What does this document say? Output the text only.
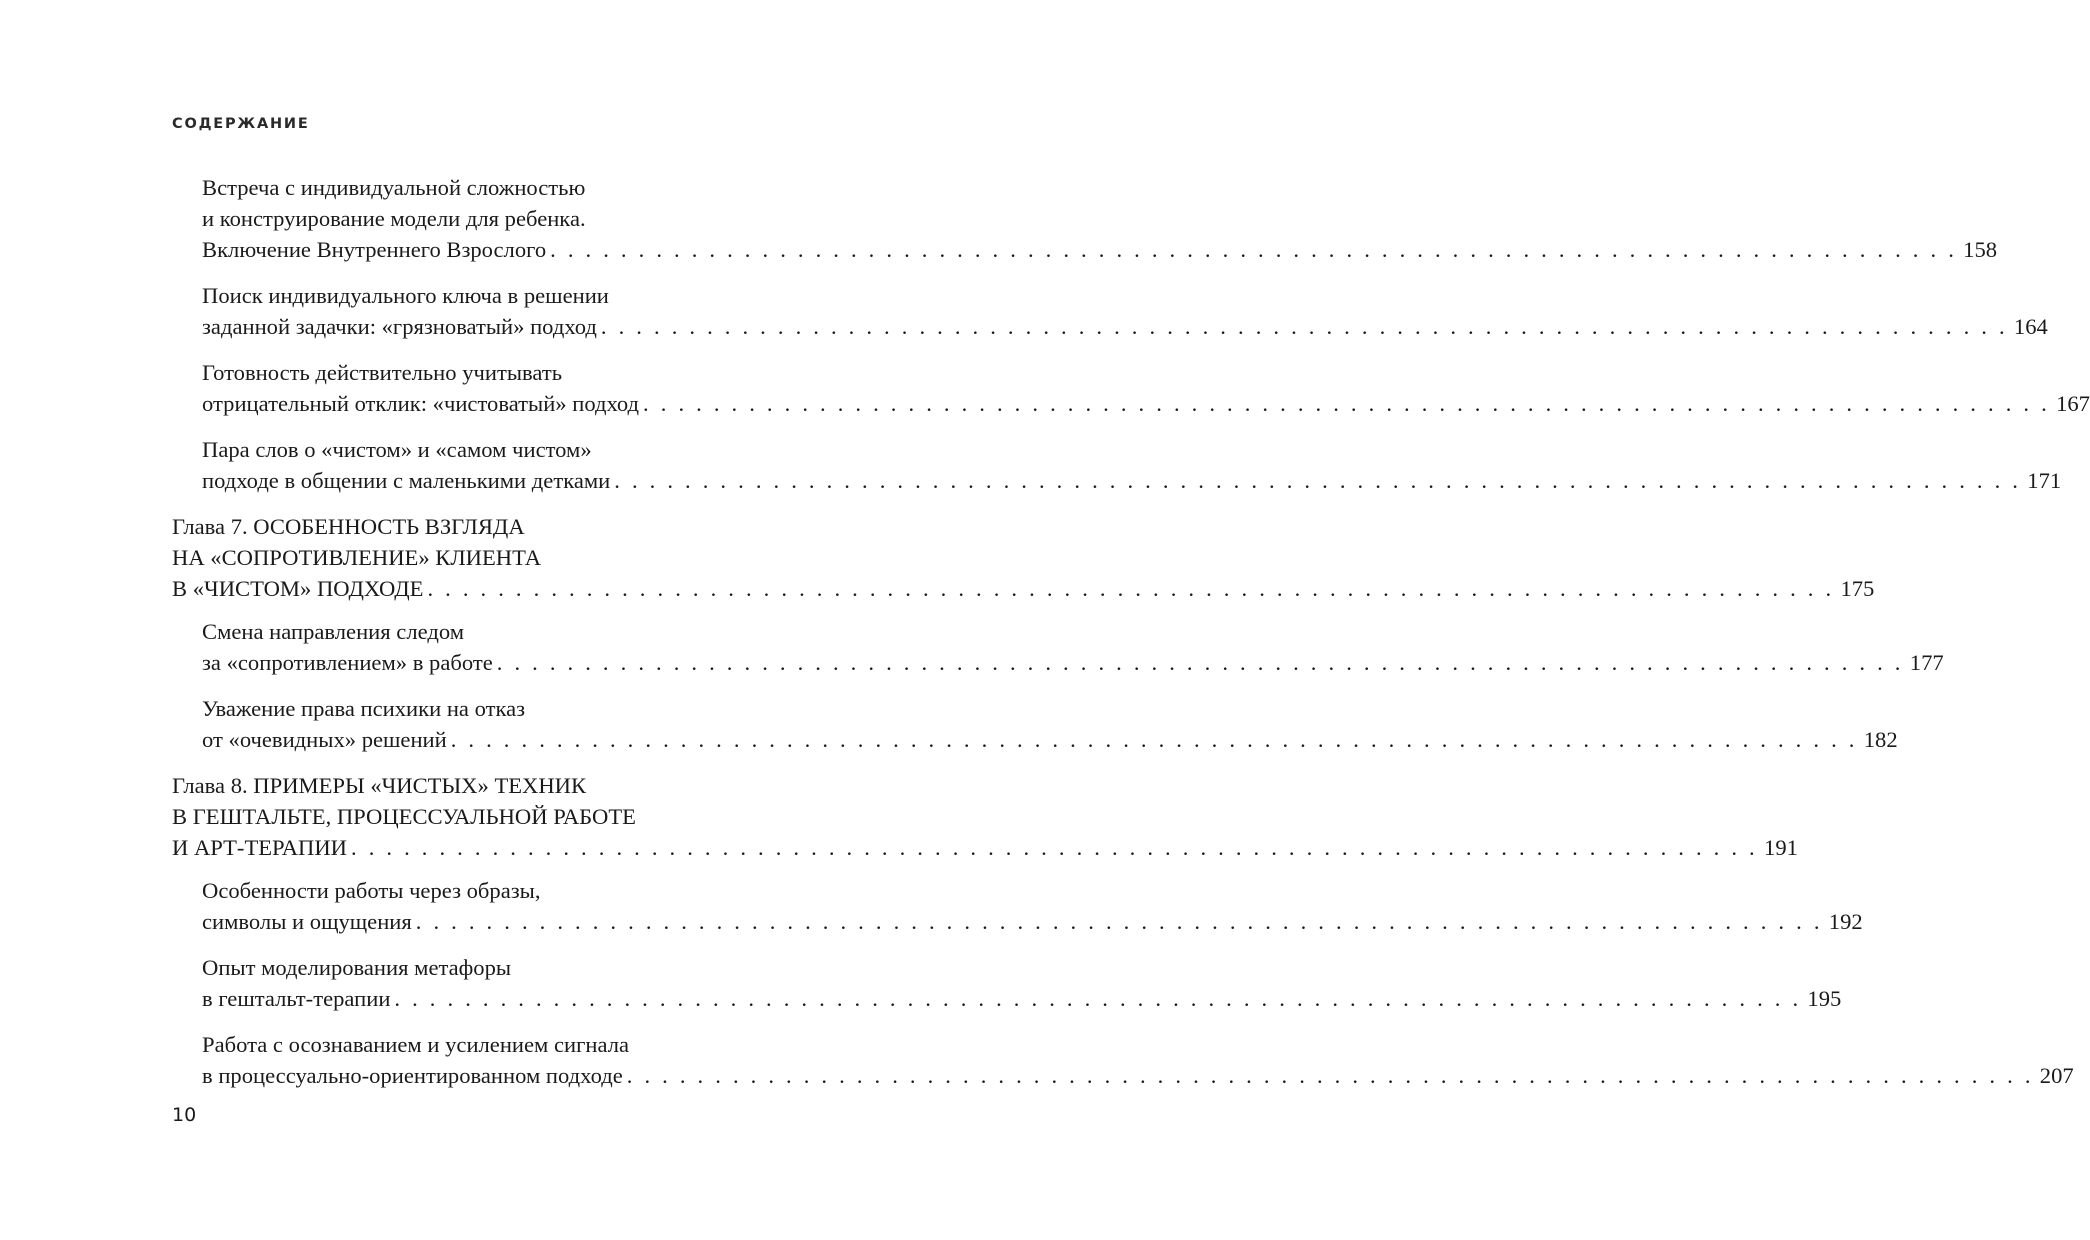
СОДЕРЖАНИЕ
Встреча с индивидуальной сложностью
и конструирование модели для ребенка.
Включение Внутреннего Взрослого . . . . . . . . . . . . . . . . . . . . . . . . . . . . . . . . . . . . . . . . . . . . . . . . . . . . . . . . . . . . . . . . . . . . . . . . . . . . . . . . 158
Поиск индивидуального ключа в решении
заданной задачки: «грязноватый» подход . . . . . . . . . . . . . . . . . . . . . . . . . . . . . . . . . . . . . . . . . . . . . . . . . . . . . . . . . . . . . . . . . . . . . . . . . . . . . . . . 164
Готовность действительно учитывать
отрицательный отклик: «чистоватый» подход . . . . . . . . . . . . . . . . . . . . . . . . . . . . . . . . . . . . . . . . . . . . . . . . . . . . . . . . . . . . . . . . . . . . . . . . . . . . . . . . 167
Пара слов о «чистом» и «самом чистом»
подходе в общении с маленькими детками . . . . . . . . . . . . . . . . . . . . . . . . . . . . . . . . . . . . . . . . . . . . . . . . . . . . . . . . . . . . . . . . . . . . . . . . . . . . . . . . 171
Глава 7. ОСОБЕННОСТЬ ВЗГЛЯДА
НА «СОПРОТИВЛЕНИЕ» КЛИЕНТА
В «ЧИСТОМ» ПОДХОДЕ . . . . . . . . . . . . . . . . . . . . . . . . . . . . . . . . . . . . . . . . . . . . . . . . . . . . . . . . . . . . . . . . . . . . . . . . . . . . . . . . 175
Смена направления следом
за «сопротивлением» в работе . . . . . . . . . . . . . . . . . . . . . . . . . . . . . . . . . . . . . . . . . . . . . . . . . . . . . . . . . . . . . . . . . . . . . . . . . . . . . . . . 177
Уважение права психики на отказ
от «очевидных» решений . . . . . . . . . . . . . . . . . . . . . . . . . . . . . . . . . . . . . . . . . . . . . . . . . . . . . . . . . . . . . . . . . . . . . . . . . . . . . . . . 182
Глава 8. ПРИМЕРЫ «ЧИСТЫХ» ТЕХНИК
В ГЕШТАЛЬТЕ, ПРОЦЕССУАЛЬНОЙ РАБОТЕ
И АРТ-ТЕРАПИИ . . . . . . . . . . . . . . . . . . . . . . . . . . . . . . . . . . . . . . . . . . . . . . . . . . . . . . . . . . . . . . . . . . . . . . . . . . . . . . . . 191
Особенности работы через образы,
символы и ощущения . . . . . . . . . . . . . . . . . . . . . . . . . . . . . . . . . . . . . . . . . . . . . . . . . . . . . . . . . . . . . . . . . . . . . . . . . . . . . . . . 192
Опыт моделирования метафоры
в гештальт-терапии . . . . . . . . . . . . . . . . . . . . . . . . . . . . . . . . . . . . . . . . . . . . . . . . . . . . . . . . . . . . . . . . . . . . . . . . . . . . . . . . 195
Работа с осознаванием и усилением сигнала
в процессуально-ориентированном подходе . . . . . . . . . . . . . . . . . . . . . . . . . . . . . . . . . . . . . . . . . . . . . . . . . . . . . . . . . . . . . . . . . . . . . . . . . . . . . . . . 207
10
